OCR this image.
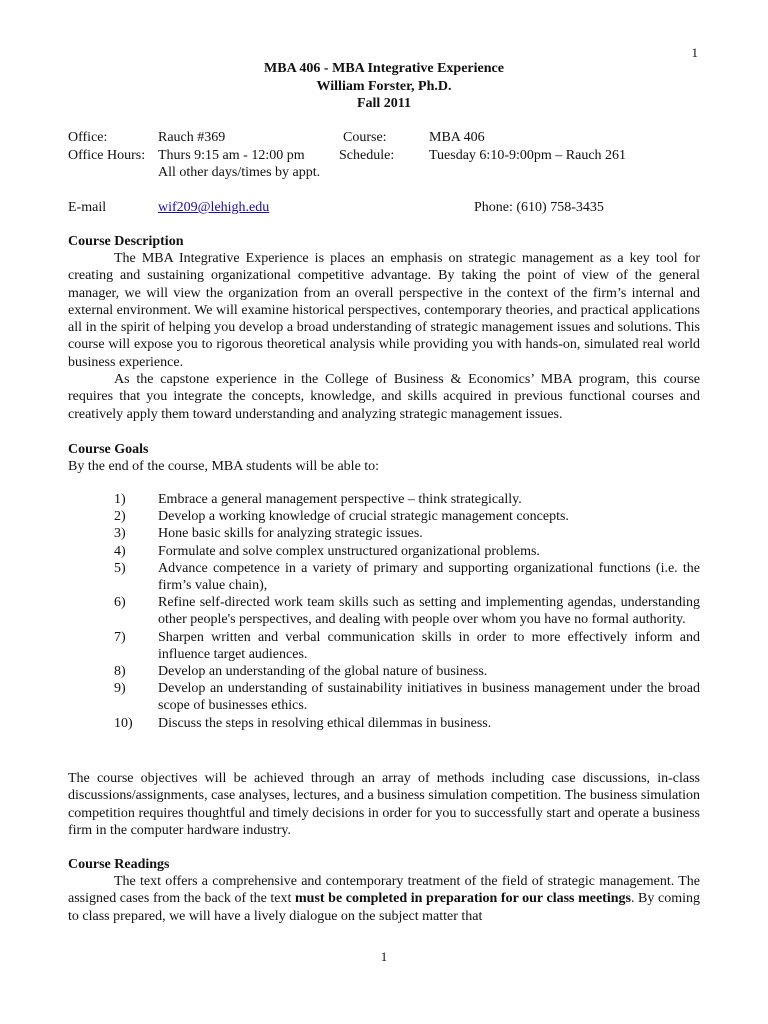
1
MBA 406 - MBA Integrative Experience
William Forster, Ph.D.
Fall 2011
Office:	Rauch #369	Course:	MBA 406
Office Hours: Thurs 9:15 am - 12:00 pm Schedule: Tuesday 6:10-9:00pm – Rauch 261
All other days/times by appt.
E-mail	wif209@lehigh.edu	Phone: (610) 758-3435
Course Description

The MBA Integrative Experience is places an emphasis on strategic management as a key tool for creating and sustaining organizational competitive advantage. By taking the point of view of the general manager, we will view the organization from an overall perspective in the context of the firm’s internal and external environment. We will examine historical perspectives, contemporary theories, and practical applications all in the spirit of helping you develop a broad understanding of strategic management issues and solutions. This course will expose you to rigorous theoretical analysis while providing you with hands-on, simulated real world business experience.

As the capstone experience in the College of Business & Economics’ MBA program, this course requires that you integrate the concepts, knowledge, and skills acquired in previous functional courses and creatively apply them toward understanding and analyzing strategic management issues.

Course Goals
By the end of the course, MBA students will be able to:
1) Embrace a general management perspective – think strategically.
2) Develop a working knowledge of crucial strategic management concepts.
3) Hone basic skills for analyzing strategic issues.
4) Formulate and solve complex unstructured organizational problems.
5) Advance competence in a variety of primary and supporting organizational functions (i.e. the firm’s value chain),
6) Refine self-directed work team skills such as setting and implementing agendas, understanding other people's perspectives, and dealing with people over whom you have no formal authority.
7) Sharpen written and verbal communication skills in order to more effectively inform and influence target audiences.
8) Develop an understanding of the global nature of business.
9) Develop an understanding of sustainability initiatives in business management under the broad scope of businesses ethics.
10) Discuss the steps in resolving ethical dilemmas in business.
The course objectives will be achieved through an array of methods including case discussions, in-class discussions/assignments, case analyses, lectures, and a business simulation competition. The business simulation competition requires thoughtful and timely decisions in order for you to successfully start and operate a business firm in the computer hardware industry.
Course Readings

The text offers a comprehensive and contemporary treatment of the field of strategic management. The assigned cases from the back of the text must be completed in preparation for our class meetings. By coming to class prepared, we will have a lively dialogue on the subject matter that

1
